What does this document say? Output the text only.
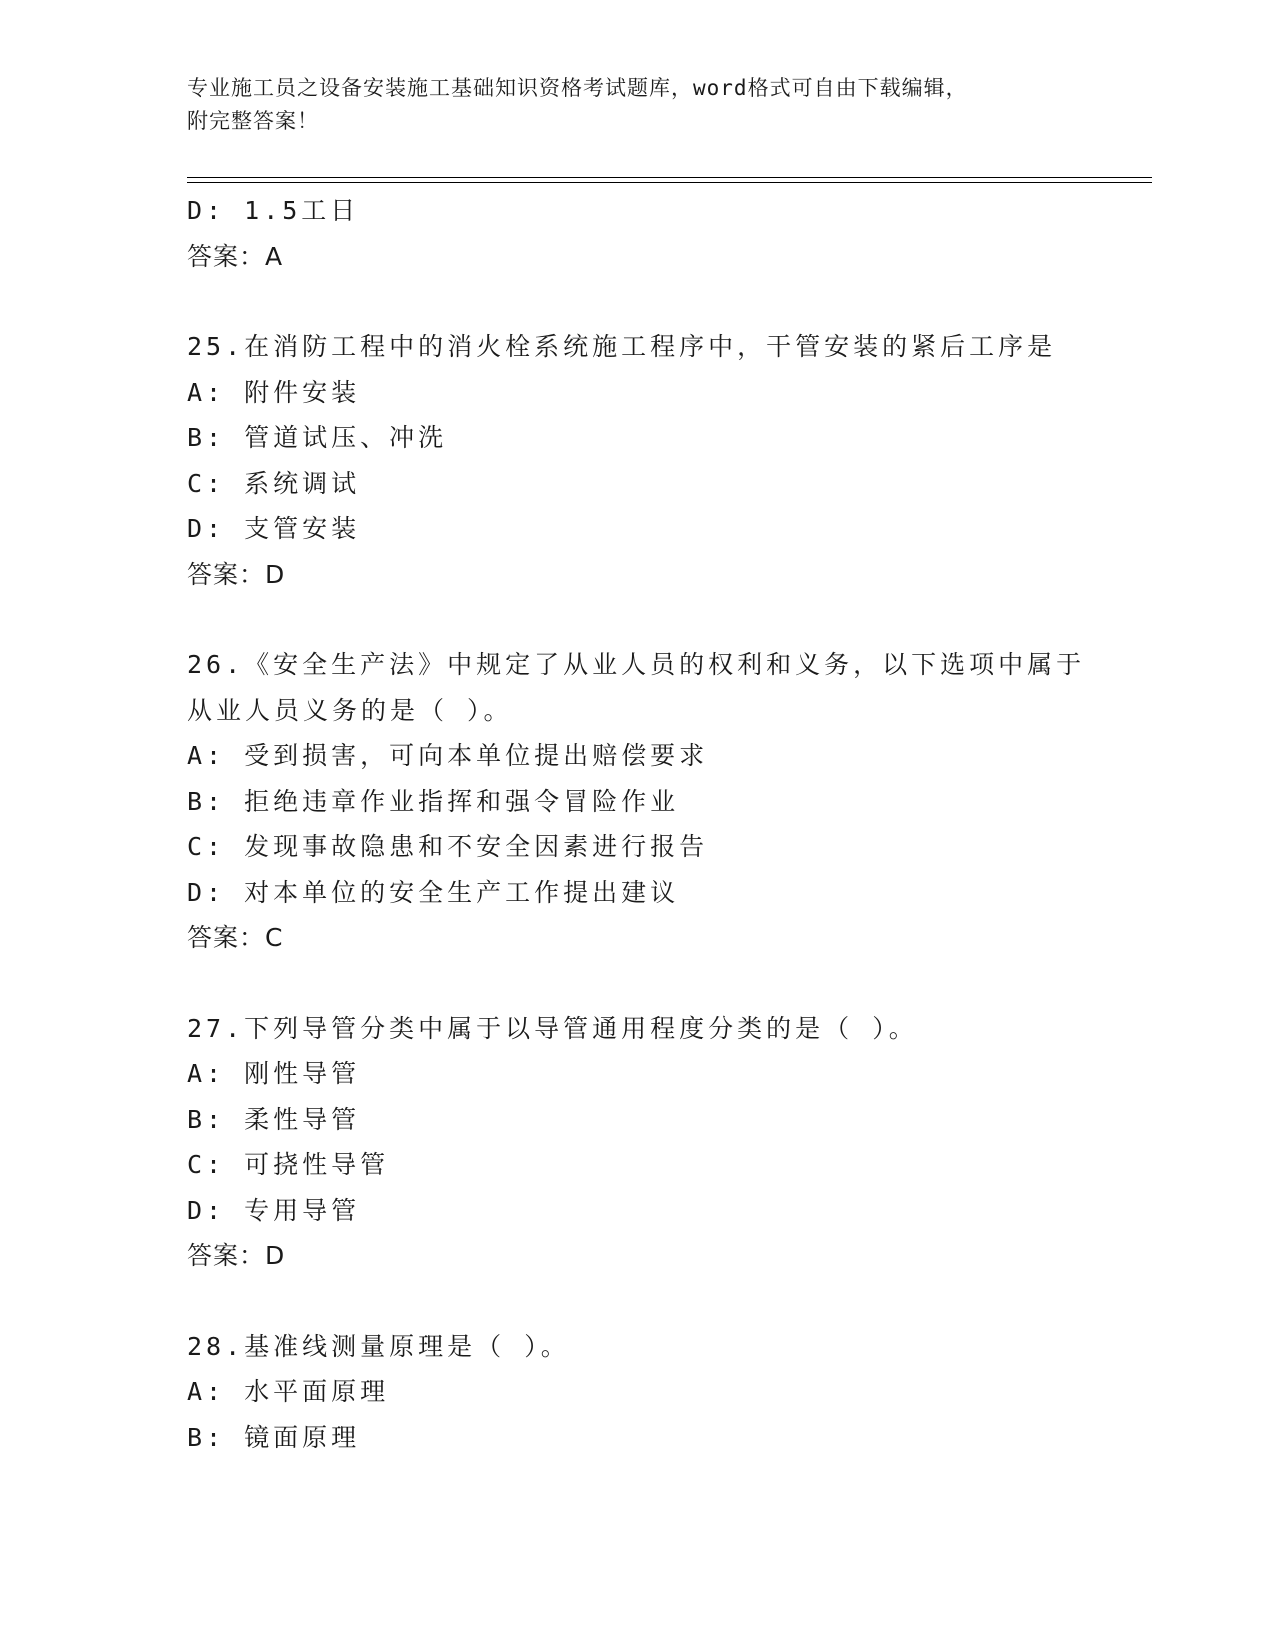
专业施工员之设备安装施工基础知识资格考试题库，word格式可自由下载编辑，
附完整答案！
D: 1.5工日
答案：A
25.在消防工程中的消火栓系统施工程序中，干管安装的紧后工序是
A: 附件安装
B: 管道试压、冲洗
C: 系统调试
D: 支管安装
答案：D
26.《安全生产法》中规定了从业人员的权利和义务，以下选项中属于
从业人员义务的是（ ）。
A: 受到损害，可向本单位提出赔偿要求
B: 拒绝违章作业指挥和强令冒险作业
C: 发现事故隐患和不安全因素进行报告
D: 对本单位的安全生产工作提出建议
答案：C
27.下列导管分类中属于以导管通用程度分类的是（ ）。
A: 刚性导管
B: 柔性导管
C: 可挠性导管
D: 专用导管
答案：D
28.基准线测量原理是（ ）。
A: 水平面原理
B: 镜面原理
